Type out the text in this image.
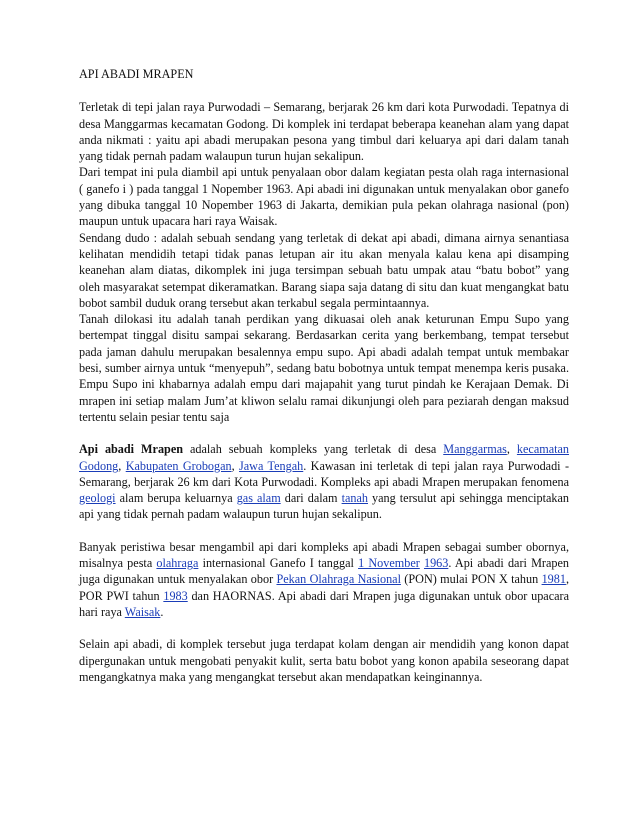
API ABADI MRAPEN

Terletak di tepi jalan raya Purwodadi – Semarang, berjarak 26 km dari kota Purwodadi. Tepatnya di desa Manggarmas kecamatan Godong. Di komplek ini terdapat beberapa keanehan alam yang dapat anda nikmati : yaitu api abadi merupakan pesona yang timbul dari keluarya api dari dalam tanah yang tidak pernah padam walaupun turun hujan sekalipun.

Dari tempat ini pula diambil api untuk penyalaan obor dalam kegiatan pesta olah raga internasional ( ganefo i ) pada tanggal 1 Nopember 1963. Api abadi ini digunakan untuk menyalakan obor ganefo yang dibuka tanggal 10 Nopember 1963 di Jakarta, demikian pula pekan olahraga nasional (pon) maupun untuk upacara hari raya Waisak.

Sendang dudo : adalah sebuah sendang yang terletak di dekat api abadi, dimana airnya senantiasa kelihatan mendidih tetapi tidak panas letupan air itu akan menyala kalau kena api disamping keanehan alam diatas, dikomplek ini juga tersimpan sebuah batu umpak atau “batu bobot” yang oleh masyarakat setempat dikeramatkan. Barang siapa saja datang di situ dan kuat mengangkat batu bobot sambil duduk orang tersebut akan terkabul segala permintaannya.

Tanah dilokasi itu adalah tanah perdikan yang dikuasai oleh anak keturunan Empu Supo yang bertempat tinggal disitu sampai sekarang. Berdasarkan cerita yang berkembang, tempat tersebut pada jaman dahulu merupakan besalennya empu supo. Api abadi adalah tempat untuk membakar besi, sumber airnya untuk “menyepuh”, sedang batu bobotnya untuk tempat menempa keris pusaka. Empu Supo ini khabarnya adalah empu dari majapahit yang turut pindah ke Kerajaan Demak. Di mrapen ini setiap malam Jum’at kliwon selalu ramai dikunjungi oleh para peziarah dengan maksud tertentu selain pesiar tentu saja

Api abadi Mrapen adalah sebuah kompleks yang terletak di desa Manggarmas, kecamatan Godong, Kabupaten Grobogan, Jawa Tengah. Kawasan ini terletak di tepi jalan raya Purwodadi - Semarang, berjarak 26 km dari Kota Purwodadi. Kompleks api abadi Mrapen merupakan fenomena geologi alam berupa keluarnya gas alam dari dalam tanah yang tersulut api sehingga menciptakan api yang tidak pernah padam walaupun turun hujan sekalipun.

Banyak peristiwa besar mengambil api dari kompleks api abadi Mrapen sebagai sumber obornya, misalnya pesta olahraga internasional Ganefo I tanggal 1 November 1963. Api abadi dari Mrapen juga digunakan untuk menyalakan obor Pekan Olahraga Nasional (PON) mulai PON X tahun 1981, POR PWI tahun 1983 dan HAORNAS. Api abadi dari Mrapen juga digunakan untuk obor upacara hari raya Waisak.

Selain api abadi, di komplek tersebut juga terdapat kolam dengan air mendidih yang konon dapat dipergunakan untuk mengobati penyakit kulit, serta batu bobot yang konon apabila seseorang dapat mengangkatnya maka yang mengangkat tersebut akan mendapatkan keinginannya.
